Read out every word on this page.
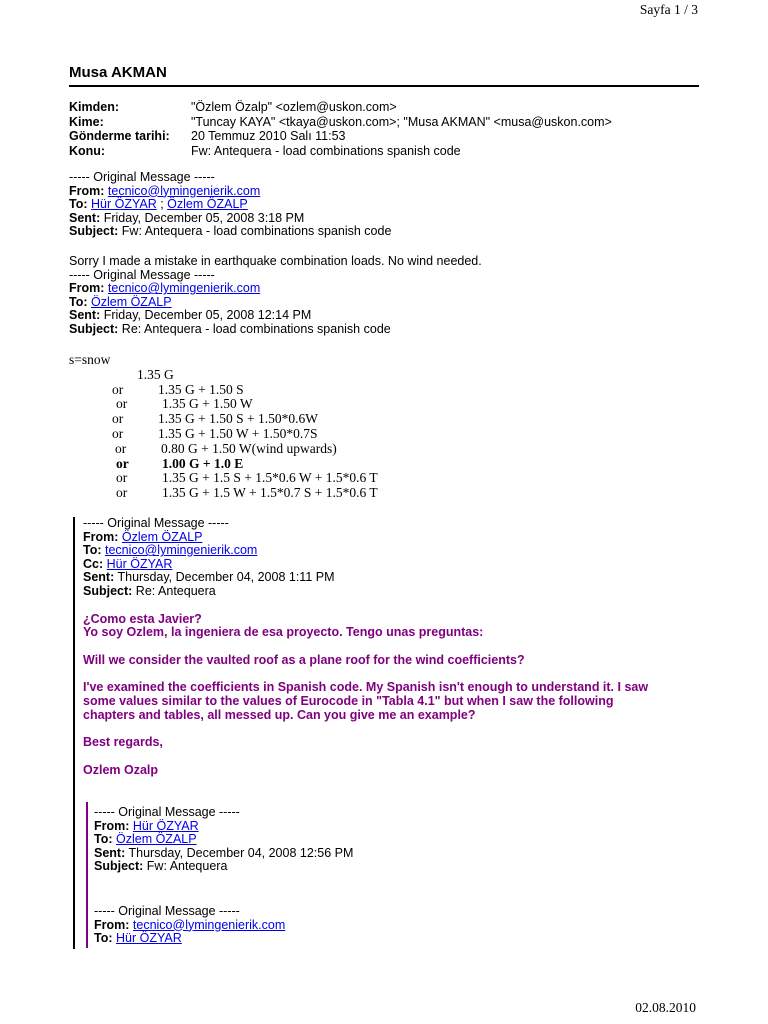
Sayfa 1 / 3
Musa AKMAN
Kimden:	"Özlem Özalp" <ozlem@uskon.com>
Kime:	"Tuncay KAYA" <tkaya@uskon.com>; "Musa AKMAN" <musa@uskon.com>
Gönderme tarihi:	20 Temmuz 2010 Salı 11:53
Konu:	Fw: Antequera - load combinations spanish code
----- Original Message -----
From: tecnico@lymingenierik.com
To: Hür ÖZYAR ; Özlem ÖZALP
Sent: Friday, December 05, 2008 3:18 PM
Subject: Fw: Antequera - load combinations spanish code
Sorry I made a mistake in earthquake combination loads. No wind needed.
----- Original Message -----
From: tecnico@lymingenierik.com
To: Özlem ÖZALP
Sent: Friday, December 05, 2008 12:14 PM
Subject: Re: Antequera - load combinations spanish code
s=snow
1.35 G
or	1.35 G + 1.50 S
or	1.35 G + 1.50 W
or	1.35 G + 1.50 S + 1.50*0.6W
or	1.35 G + 1.50 W + 1.50*0.7S
or	0.80 G + 1.50 W(wind upwards)
or	1.00 G + 1.0 E
or	1.35 G + 1.5 S + 1.5*0.6 W + 1.5*0.6 T
or	1.35 G + 1.5 W + 1.5*0.7 S + 1.5*0.6 T
----- Original Message -----
From: Özlem ÖZALP
To: tecnico@lymingenierik.com
Cc: Hür ÖZYAR
Sent: Thursday, December 04, 2008 1:11 PM
Subject: Re: Antequera
¿Como esta Javier?
Yo soy Ozlem, la ingeniera de esa proyecto. Tengo unas preguntas:
Will we consider the vaulted roof as a plane roof for the wind coefficients?
I've examined the coefficients in Spanish code. My Spanish isn't enough to understand it. I saw
some values similar to the values of Eurocode in "Tabla 4.1" but when I saw the following
chapters and tables, all messed up. Can you give me an example?
Best regards,
Ozlem Ozalp
----- Original Message -----
From: Hür ÖZYAR
To: Özlem ÖZALP
Sent: Thursday, December 04, 2008 12:56 PM
Subject: Fw: Antequera
----- Original Message -----
From: tecnico@lymingenierik.com
To: Hür ÖZYAR
02.08.2010
